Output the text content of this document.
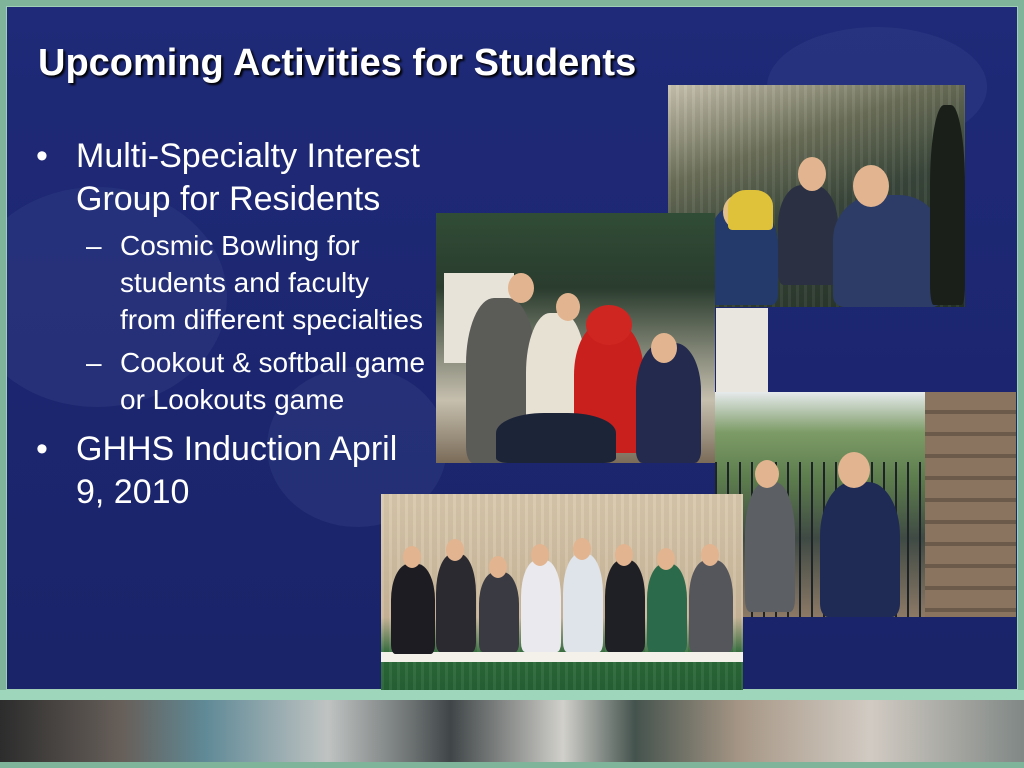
Upcoming Activities for Students
• Multi-Specialty Interest Group for Residents
– Cosmic Bowling for students and faculty from different specialties
– Cookout & softball game or Lookouts game
• GHHS Induction April 9, 2010
